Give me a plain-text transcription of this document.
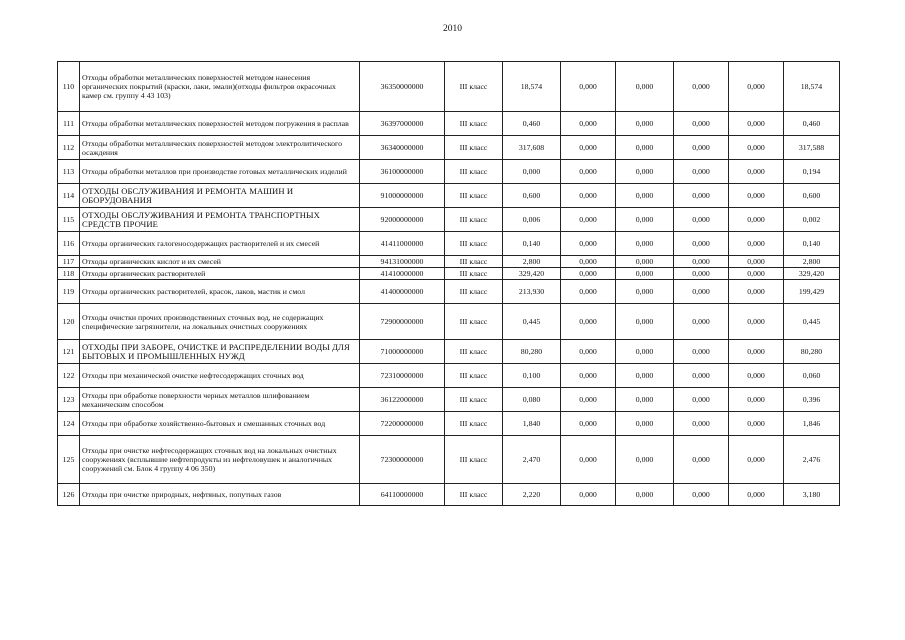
2010
110	Отходы обработки металлических поверхностей методом нанесения органических покрытий (краски, лаки, эмали)(отходы фильтров окрасочных камер см. группу 4 43 103)	36350000000	III класс	18,574	0,000	0,000	0,000	0,000	18,574
111	Отходы обработки металлических поверхностей методом погружения в расплав	36397000000	III класс	0,460	0,000	0,000	0,000	0,000	0,460
112	Отходы обработки металлических поверхностей методом электролитического осаждения	36340000000	III класс	317,608	0,000	0,000	0,000	0,000	317,588
113	Отходы обработки металлов при производстве готовых металлических изделий	36100000000	III класс	0,000	0,000	0,000	0,000	0,000	0,194
114	ОТХОДЫ ОБСЛУЖИВАНИЯ И РЕМОНТА МАШИН И ОБОРУДОВАНИЯ	91000000000	III класс	0,600	0,000	0,000	0,000	0,000	0,600
115	ОТХОДЫ ОБСЛУЖИВАНИЯ И РЕМОНТА ТРАНСПОРТНЫХ СРЕДСТВ ПРОЧИЕ	92000000000	III класс	0,006	0,000	0,000	0,000	0,000	0,002
116	Отходы органических галогеносодержащих растворителей и их смесей	41411000000	III класс	0,140	0,000	0,000	0,000	0,000	0,140
117	Отходы органических кислот и их смесей	94131000000	III класс	2,800	0,000	0,000	0,000	0,000	2,800
118	Отходы органических растворителей	41410000000	III класс	329,420	0,000	0,000	0,000	0,000	329,420
119	Отходы органических растворителей, красок, лаков, мастик и смол	41400000000	III класс	213,930	0,000	0,000	0,000	0,000	199,429
120	Отходы очистки прочих производственных сточных вод, не содержащих специфические загрязнители, на локальных очистных сооружениях	72900000000	III класс	0,445	0,000	0,000	0,000	0,000	0,445
121	ОТХОДЫ ПРИ ЗАБОРЕ, ОЧИСТКЕ И РАСПРЕДЕЛЕНИИ ВОДЫ ДЛЯ БЫТОВЫХ И ПРОМЫШЛЕННЫХ НУЖД	71000000000	III класс	80,280	0,000	0,000	0,000	0,000	80,280
122	Отходы при механической очистке нефтесодержащих сточных вод	72310000000	III класс	0,100	0,000	0,000	0,000	0,000	0,060
123	Отходы при обработке поверхности черных металлов шлифованием механическим способом	36122000000	III класс	0,080	0,000	0,000	0,000	0,000	0,396
124	Отходы при обработке хозяйственно-бытовых и смешанных сточных вод	72200000000	III класс	1,840	0,000	0,000	0,000	0,000	1,846
125	Отходы при очистке нефтесодержащих сточных вод на локальных очистных сооружениях (всплывшие нефтепродукты из нефтеловушек и аналогичных сооружений см. Блок 4 группу 4 06 350)	72300000000	III класс	2,470	0,000	0,000	0,000	0,000	2,476
126	Отходы при очистке природных, нефтяных, попутных газов	64110000000	III класс	2,220	0,000	0,000	0,000	0,000	3,180
